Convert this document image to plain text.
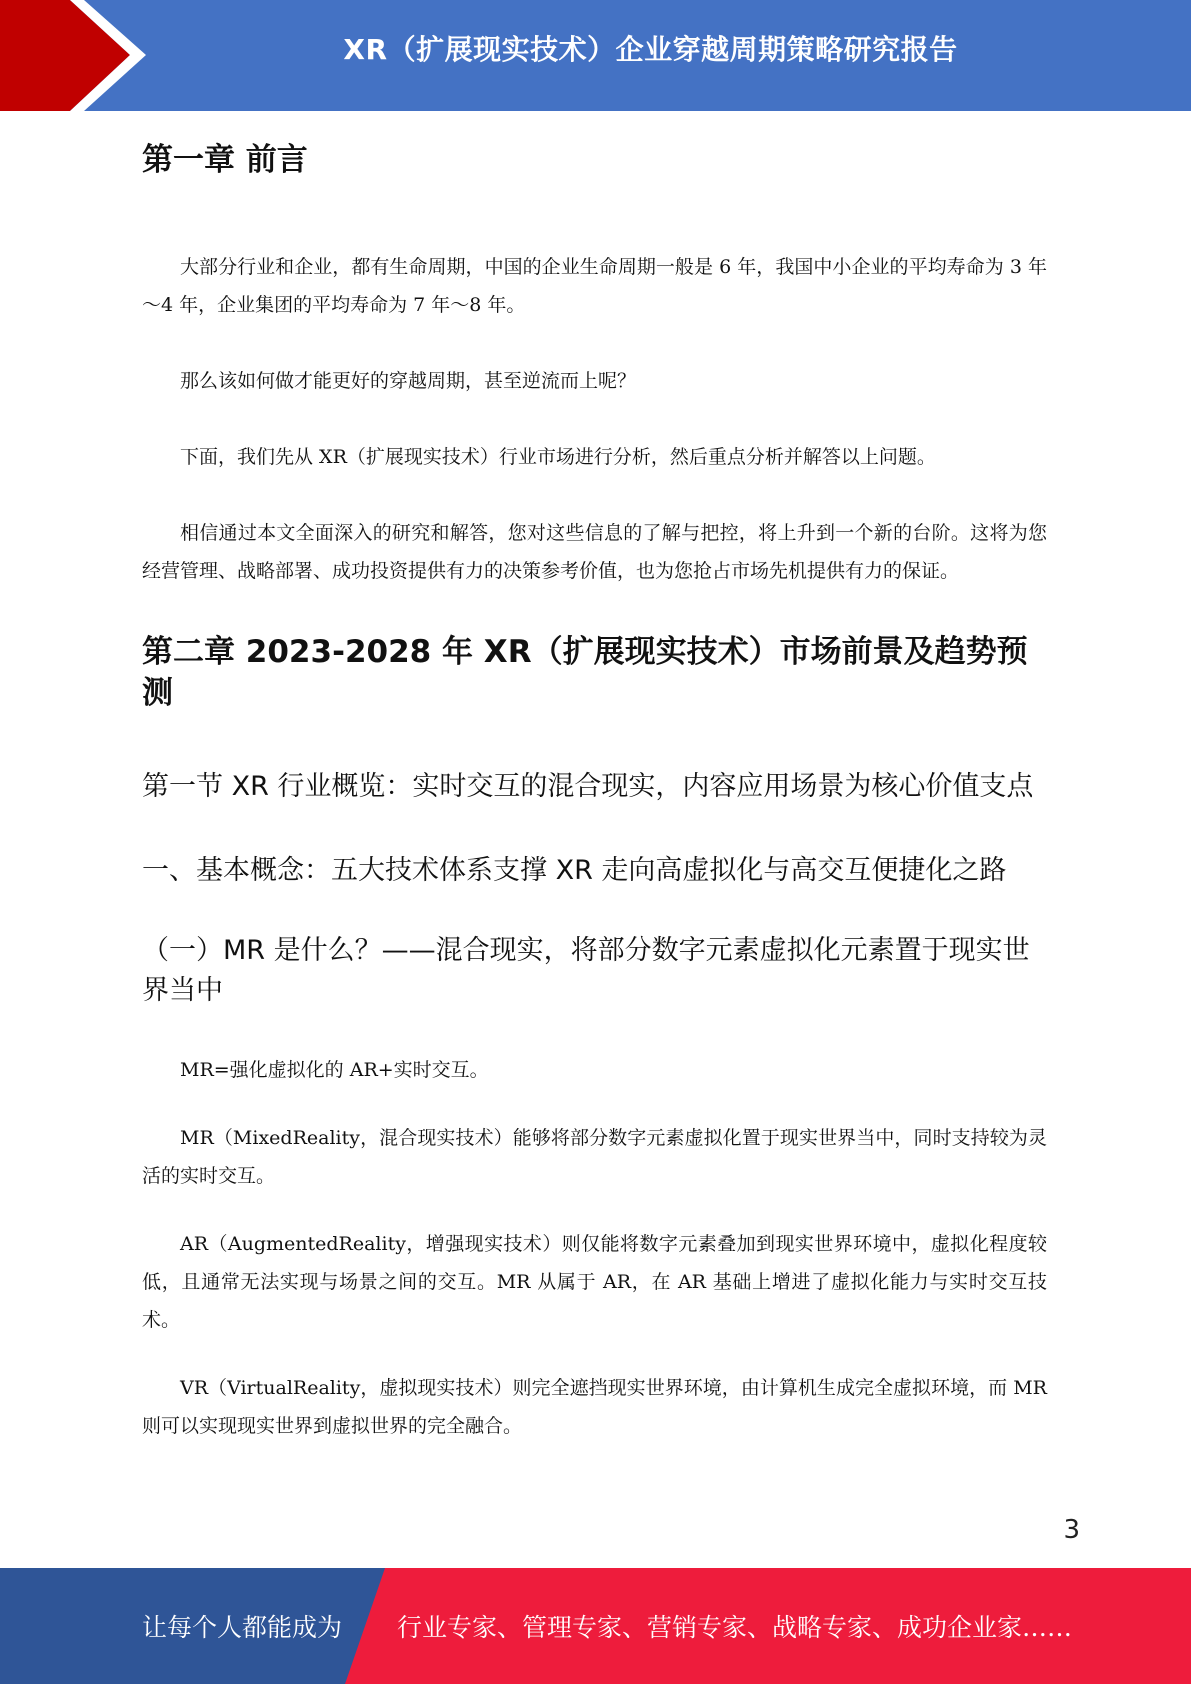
XR（扩展现实技术）企业穿越周期策略研究报告
第一章 前言

大部分行业和企业，都有生命周期，中国的企业生命周期一般是 6 年，我国中小企业的平均寿命为 3 年～4 年，企业集团的平均寿命为 7 年～8 年。

那么该如何做才能更好的穿越周期，甚至逆流而上呢？

下面，我们先从 XR（扩展现实技术）行业市场进行分析，然后重点分析并解答以上问题。

相信通过本文全面深入的研究和解答，您对这些信息的了解与把控，将上升到一个新的台阶。这将为您经营管理、战略部署、成功投资提供有力的决策参考价值，也为您抢占市场先机提供有力的保证。

第二章 2023-2028 年 XR（扩展现实技术）市场前景及趋势预测
第一节 XR 行业概览：实时交互的混合现实，内容应用场景为核心价值支点
一、基本概念：五大技术体系支撑 XR 走向高虚拟化与高交互便捷化之路
（一）MR 是什么？——混合现实，将部分数字元素虚拟化元素置于现实世界当中

MR=强化虚拟化的 AR+实时交互。

MR（MixedReality，混合现实技术）能够将部分数字元素虚拟化置于现实世界当中，同时支持较为灵活的实时交互。

AR（AugmentedReality，增强现实技术）则仅能将数字元素叠加到现实世界环境中，虚拟化程度较低，且通常无法实现与场景之间的交互。MR 从属于 AR，在 AR 基础上增进了虚拟化能力与实时交互技术。

VR（VirtualReality，虚拟现实技术）则完全遮挡现实世界环境，由计算机生成完全虚拟环境，而 MR 则可以实现现实世界到虚拟世界的完全融合。

3
让每个人都能成为 行业专家、管理专家、营销专家、战略专家、成功企业家……
